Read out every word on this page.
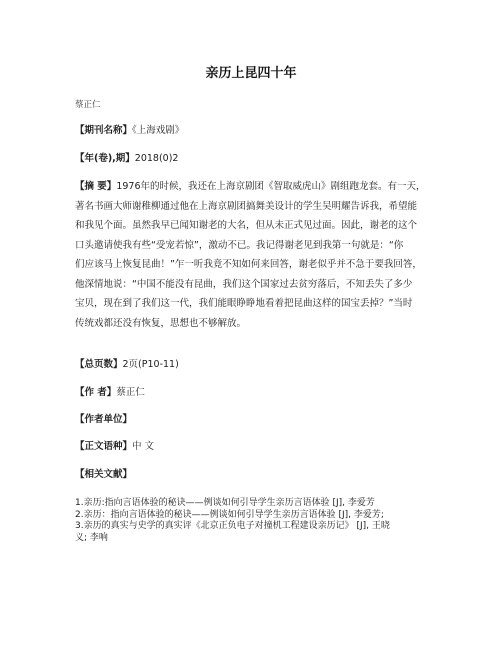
亲历上昆四十年
蔡正仁
【期刊名称】《上海戏剧》
【年(卷),期】2018(0)2
【摘 要】1976年的时候，我还在上海京剧团《智取威虎山》剧组跑龙套。有一天，
著名书画大师谢稚柳通过他在上海京剧团搞舞美设计的学生吴明耀告诉我，希望能
和我见个面。虽然我早已闻知谢老的大名，但从未正式见过面。因此，谢老的这个
口头邀请使我有些“受宠若惊”，激动不已。我记得谢老见到我第一句就是：“你
们应该马上恢复昆曲！”乍一听我竟不知如何来回答，谢老似乎并不急于要我回答，
他深情地说：“中国不能没有昆曲，我们这个国家过去贫穷落后，不知丢失了多少
宝贝，现在到了我们这一代，我们能眼睁睁地看着把昆曲这样的国宝丢掉？”当时
传统戏都还没有恢复，思想也不够解放。
【总页数】2页(P10-11)
【作 者】蔡正仁
【作者单位】
【正文语种】中 文
【相关文献】
1.亲历:指向言语体验的秘诀——例谈如何引导学生亲历言语体验 [J], 李爱芳
2.亲历：指向言语体验的秘诀——例谈如何引导学生亲历言语体验 [J], 李爱芳;
3.亲历的真实与史学的真实评《北京正负电子对撞机工程建设亲历记》 [J], 王晓
义; 李响
